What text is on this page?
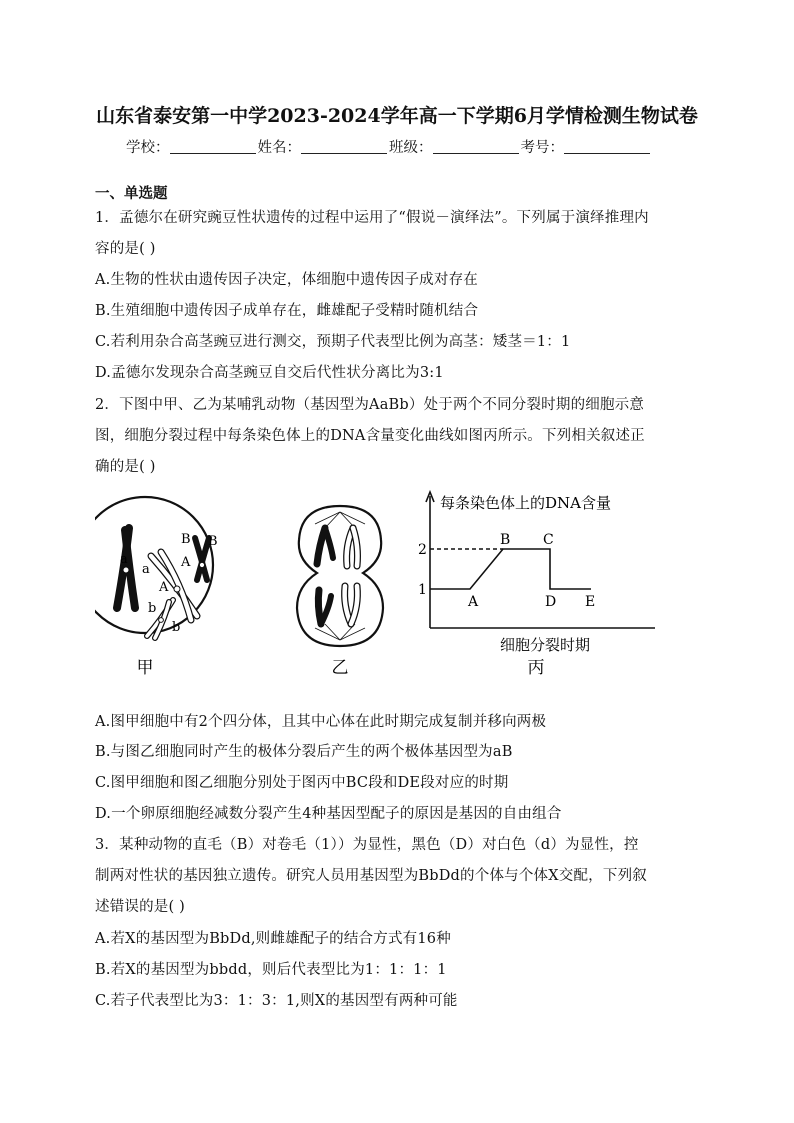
山东省泰安第一中学2023-2024学年高一下学期6月学情检测生物试卷
学校：	姓名：	班级：	考号：
一、单选题
1．孟德尔在研究豌豆性状遗传的过程中运用了“假说－演绎法”。下列属于演绎推理内
容的是( )
A.生物的性状由遗传因子决定，体细胞中遗传因子成对存在
B.生殖细胞中遗传因子成单存在，雌雄配子受精时随机结合
C.若利用杂合高茎豌豆进行测交，预期子代表型比例为高茎：矮茎＝1：1
D.孟德尔发现杂合高茎豌豆自交后代性状分离比为3:1
2．下图中甲、乙为某哺乳动物（基因型为AaBb）处于两个不同分裂时期的细胞示意
图，细胞分裂过程中每条染色体上的DNA含量变化曲线如图丙所示。下列相关叙述正
确的是( )
a
a
B B
A
A
b
b
甲	乙
每条染色体上的DNA含量
细胞分裂时期
2
1
A
B C
D E
丙
A.图甲细胞中有2个四分体，且其中心体在此时期完成复制并移向两极
B.与图乙细胞同时产生的极体分裂后产生的两个极体基因型为aB
C.图甲细胞和图乙细胞分别处于图丙中BC段和DE段对应的时期
D.一个卵原细胞经减数分裂产生4种基因型配子的原因是基因的自由组合
3．某种动物的直毛（B）对卷毛（1））为显性，黑色（D）对白色（d）为显性，控
制两对性状的基因独立遗传。研究人员用基因型为BbDd的个体与个体X交配，下列叙
述错误的是( )
A.若X的基因型为BbDd,则雌雄配子的结合方式有16种
B.若X的基因型为bbdd，则后代表型比为1：1：1：1
C.若子代表型比为3：1：3：1,则X的基因型有两种可能
